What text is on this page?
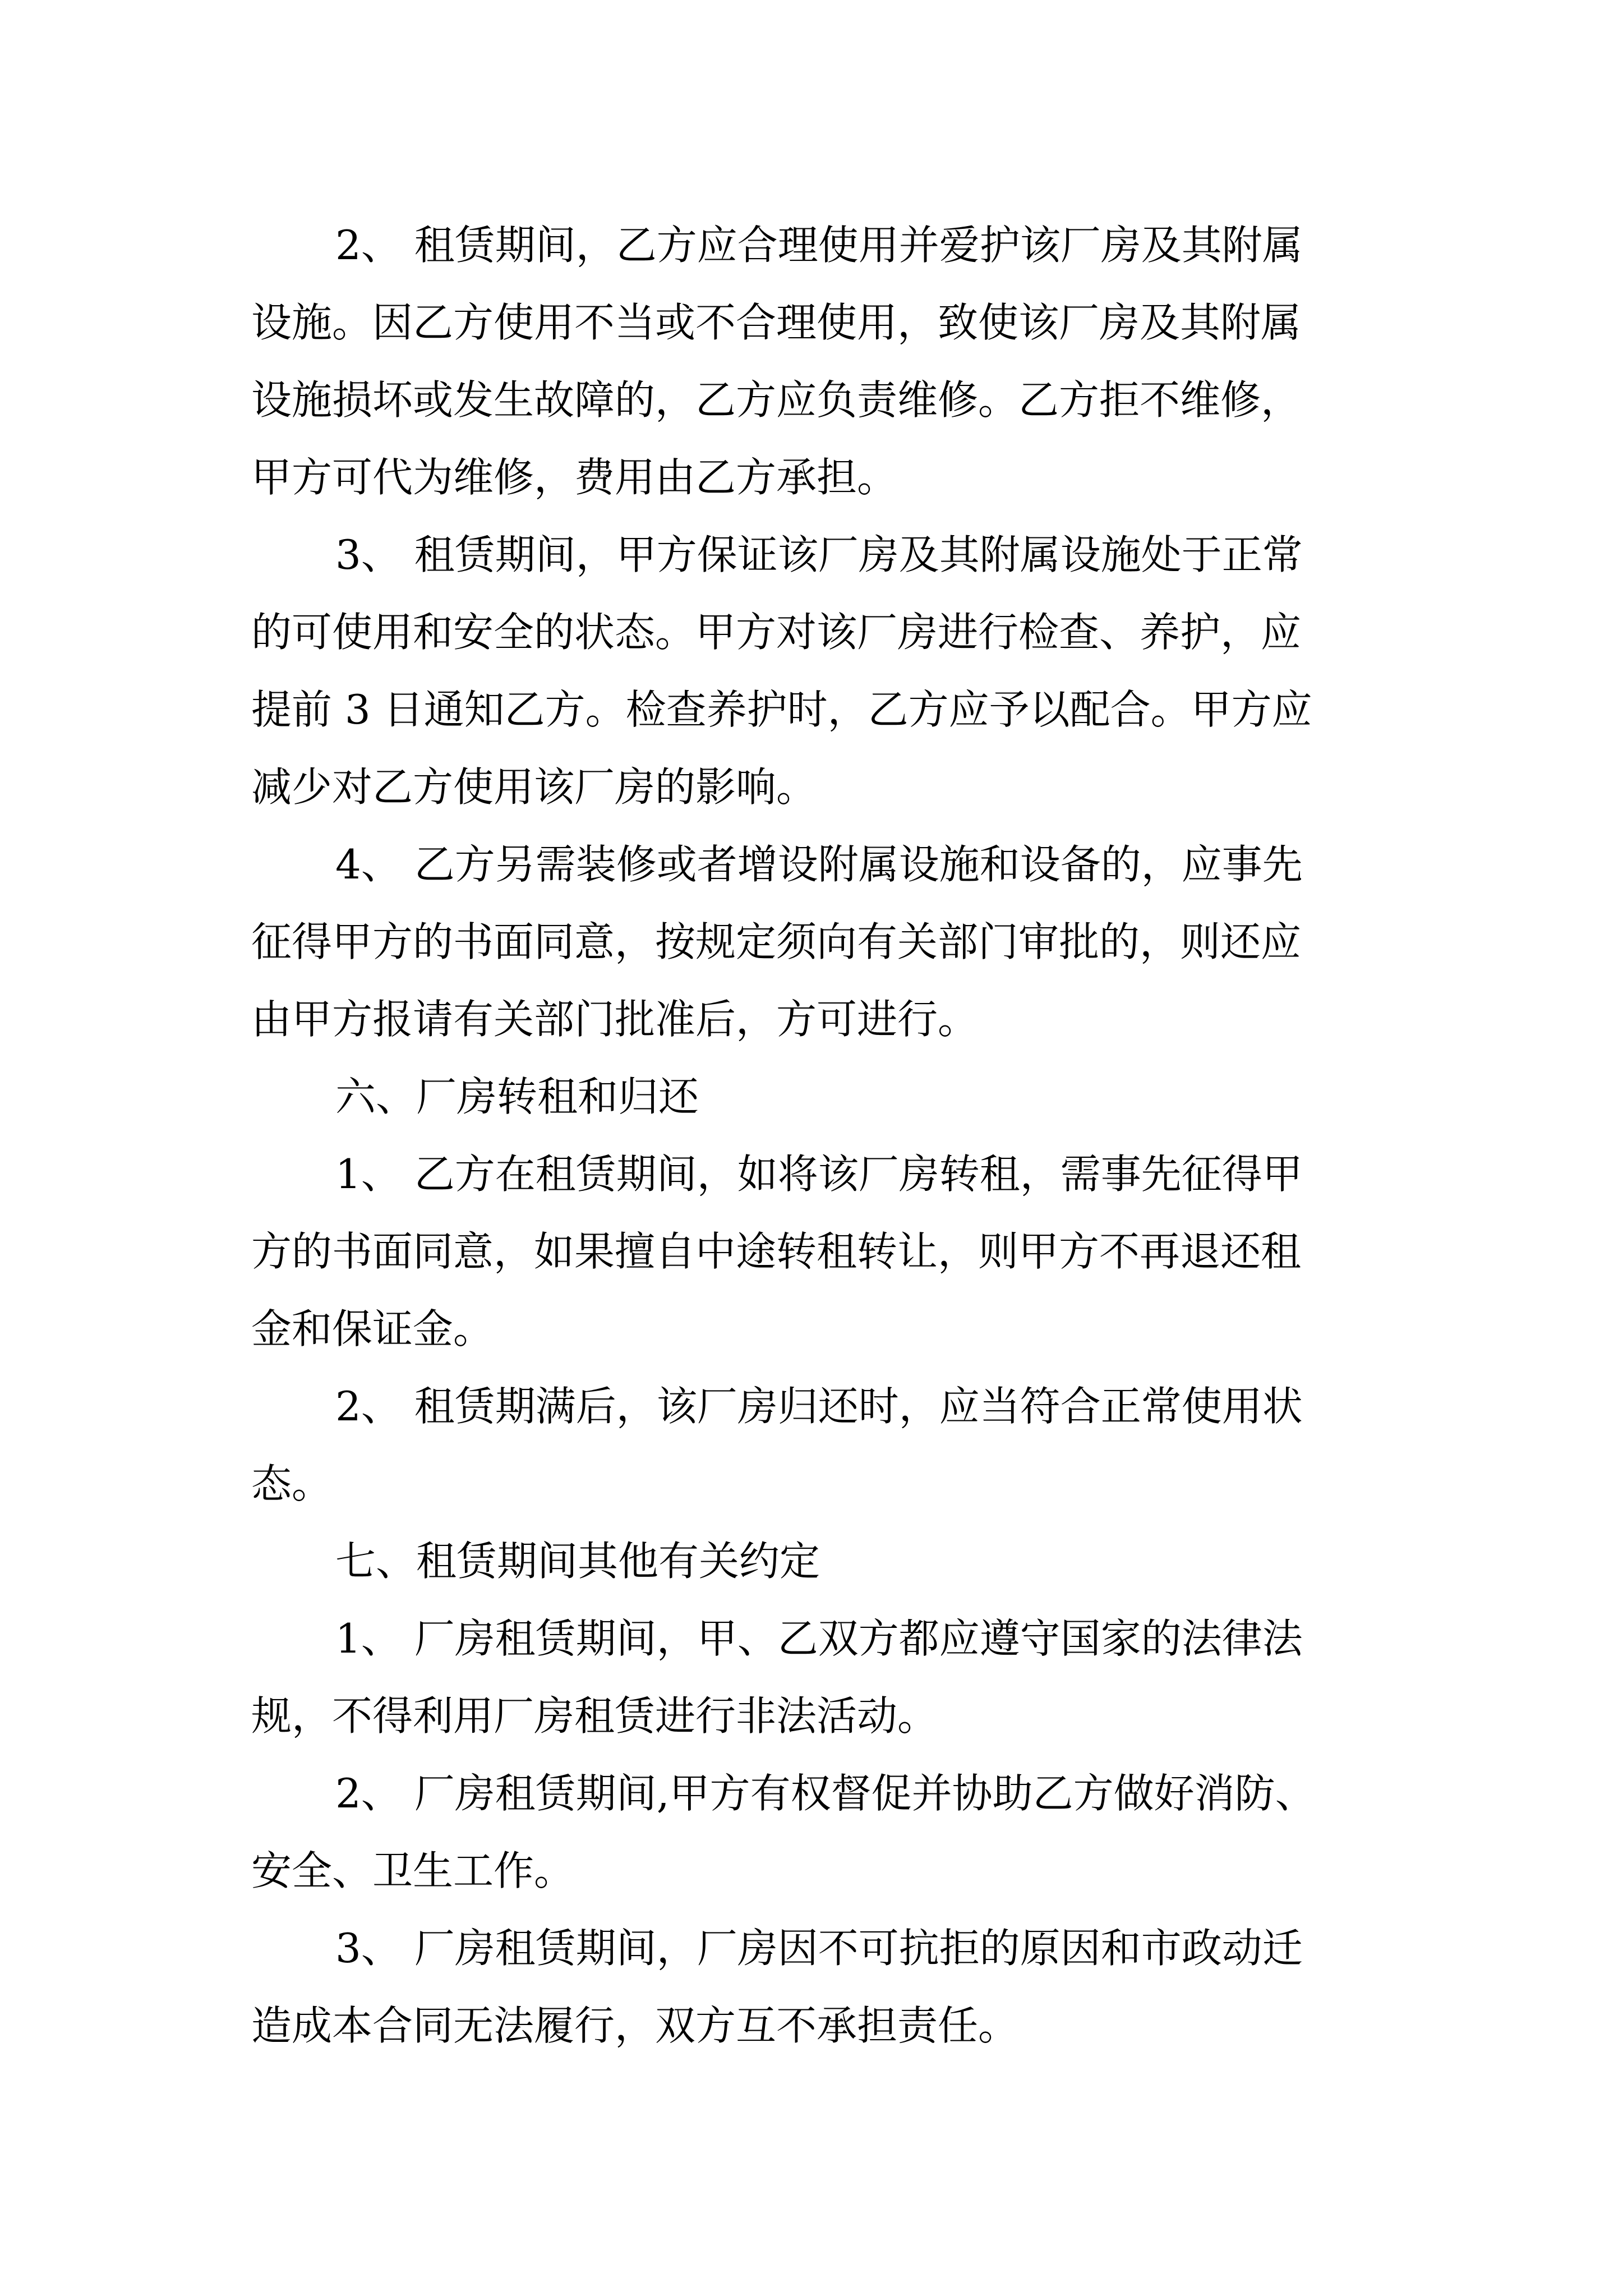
2、 租赁期间，乙方应合理使用并爱护该厂房及其附属
设施。因乙方使用不当或不合理使用，致使该厂房及其附属
设施损坏或发生故障的，乙方应负责维修。乙方拒不维修，
甲方可代为维修，费用由乙方承担。
3、 租赁期间，甲方保证该厂房及其附属设施处于正常
的可使用和安全的状态。甲方对该厂房进行检查、养护，应
提前 3 日通知乙方。检查养护时，乙方应予以配合。甲方应
减少对乙方使用该厂房的影响。
4、 乙方另需装修或者增设附属设施和设备的，应事先
征得甲方的书面同意，按规定须向有关部门审批的，则还应
由甲方报请有关部门批准后，方可进行。
六、厂房转租和归还
1、 乙方在租赁期间，如将该厂房转租，需事先征得甲
方的书面同意，如果擅自中途转租转让，则甲方不再退还租
金和保证金。
2、 租赁期满后，该厂房归还时，应当符合正常使用状
态。
七、租赁期间其他有关约定
1、 厂房租赁期间，甲、乙双方都应遵守国家的法律法
规，不得利用厂房租赁进行非法活动。
2、 厂房租赁期间,甲方有权督促并协助乙方做好消防、
安全、卫生工作。
3、 厂房租赁期间，厂房因不可抗拒的原因和市政动迁
造成本合同无法履行，双方互不承担责任。
